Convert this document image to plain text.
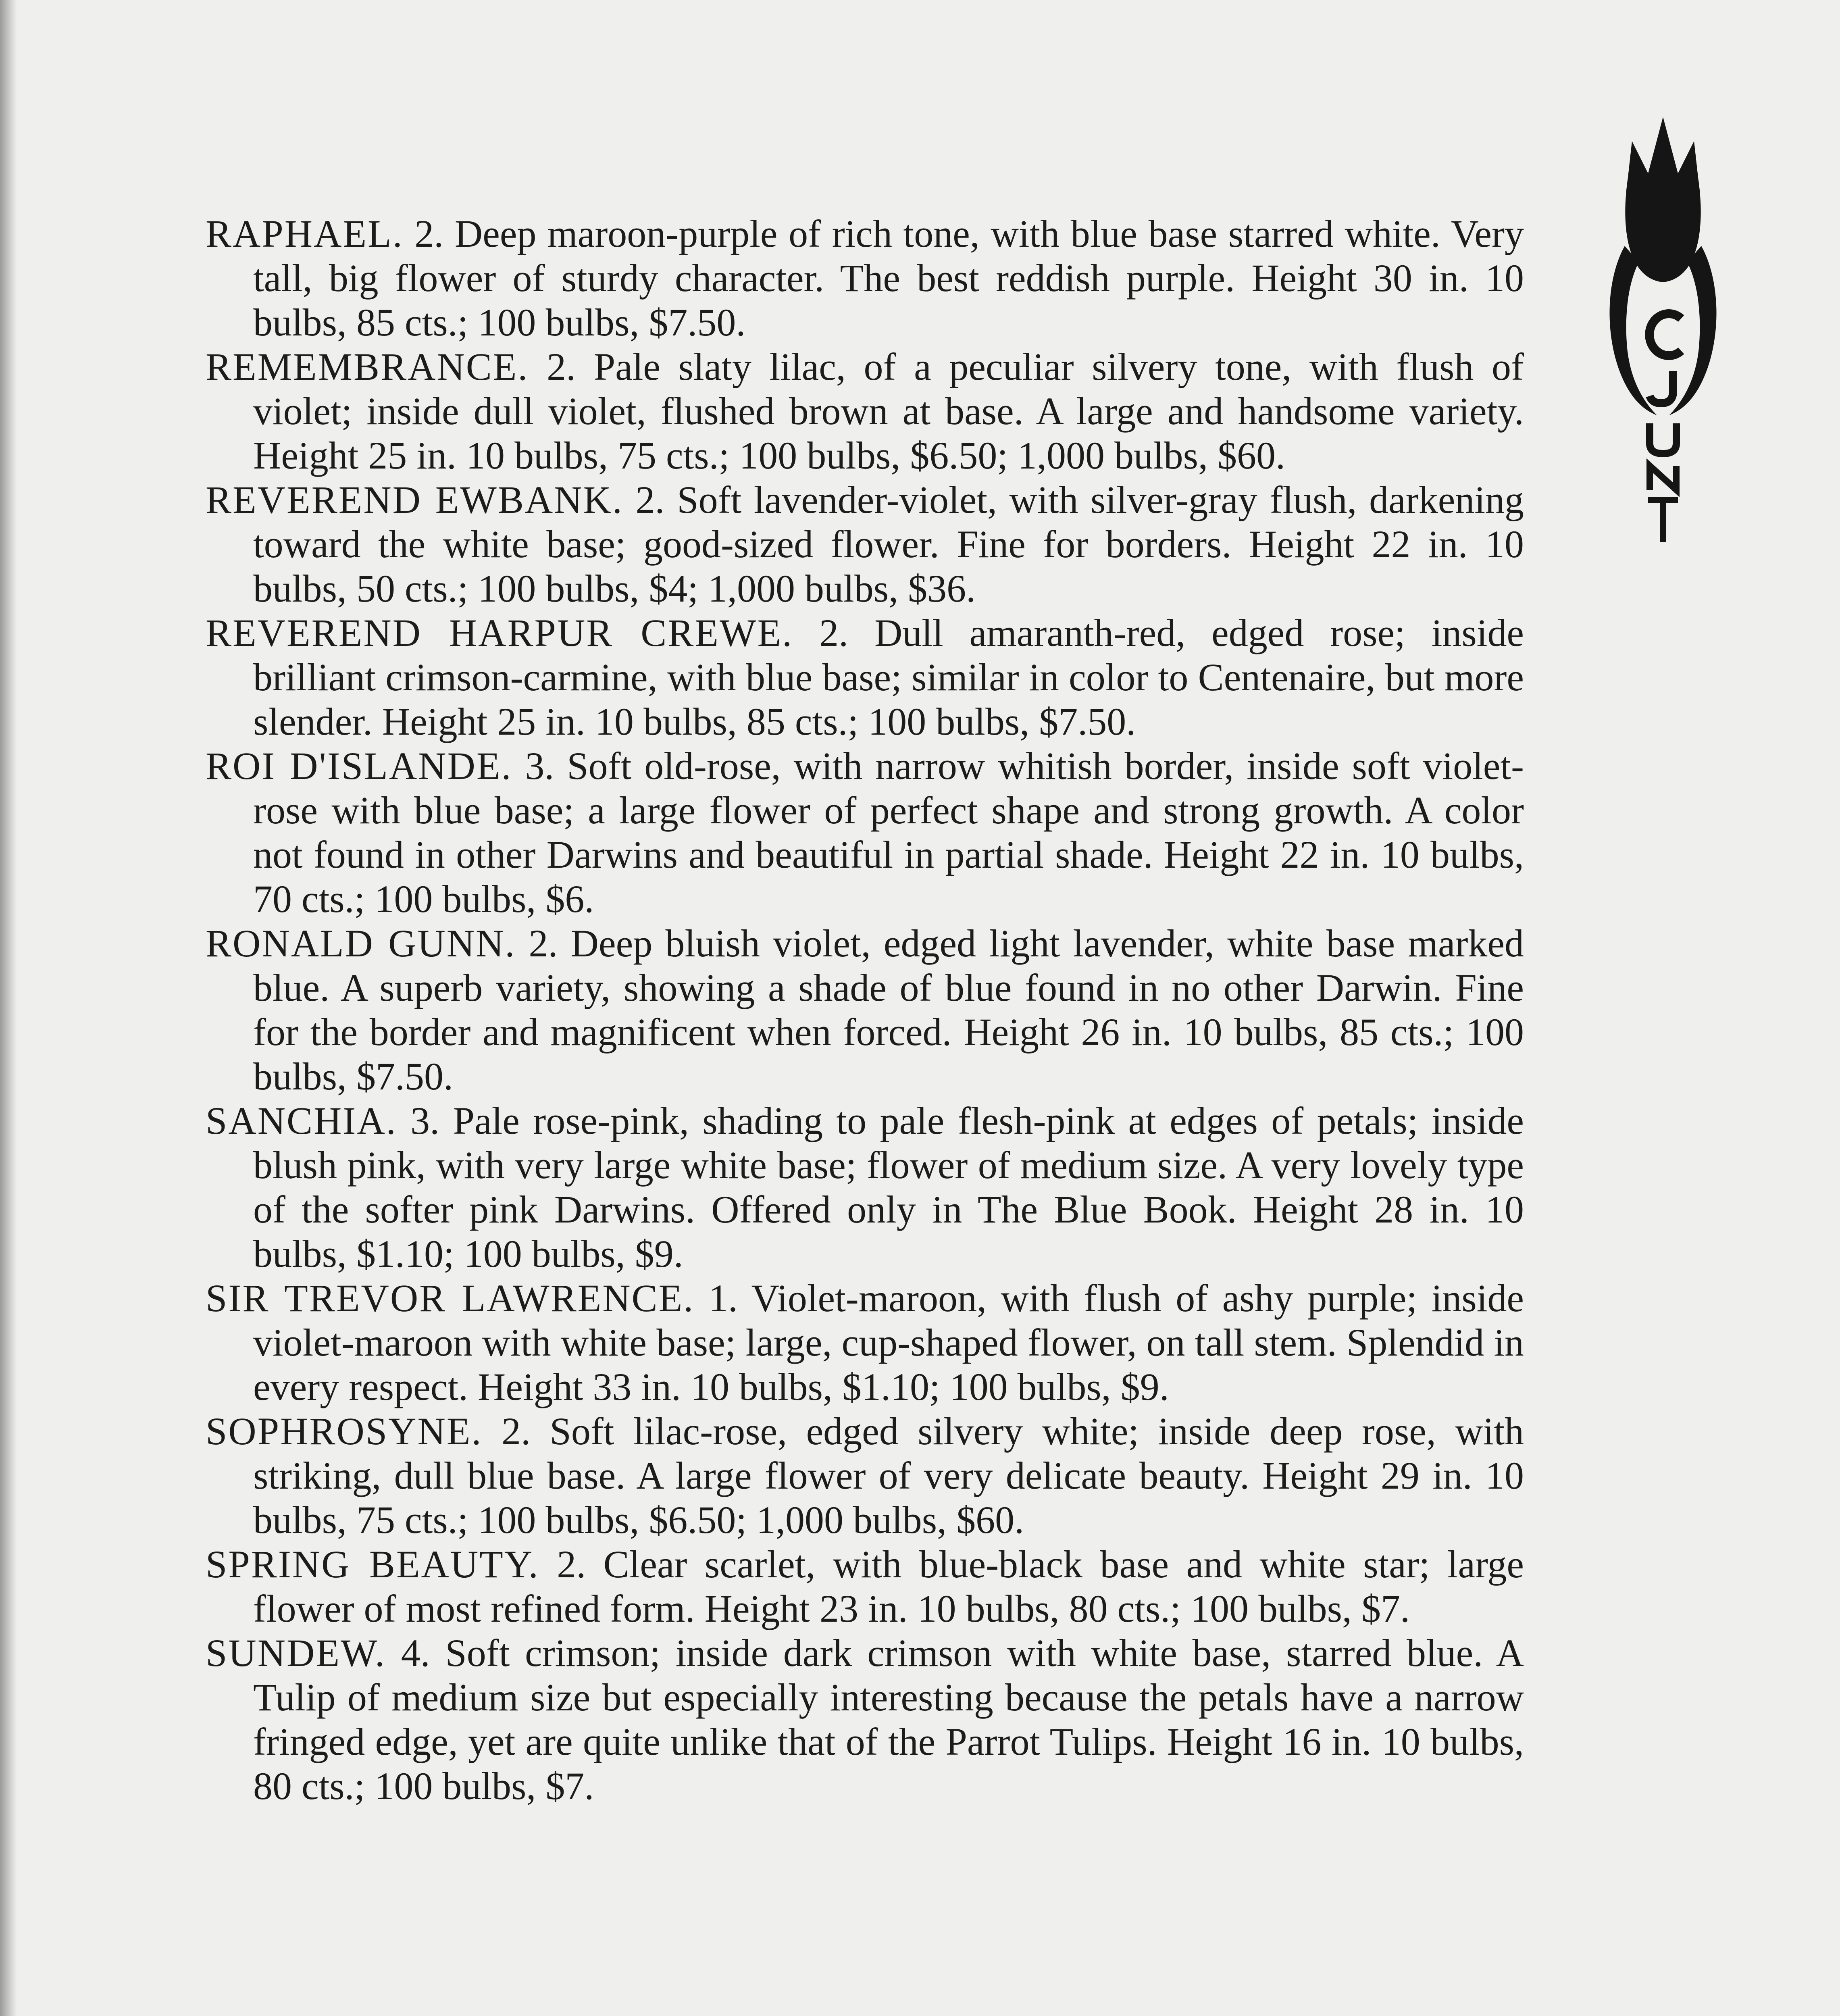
RAPHAEL. 2. Deep maroon-purple of rich tone, with blue base starred white. Very tall, big flower of sturdy character. The best reddish purple. Height 30 in. 10 bulbs, 85 cts.; 100 bulbs, $7.50.

REMEMBRANCE. 2. Pale slaty lilac, of a peculiar silvery tone, with flush of violet; inside dull violet, flushed brown at base. A large and handsome variety. Height 25 in. 10 bulbs, 75 cts.; 100 bulbs, $6.50; 1,000 bulbs, $60.

REVEREND EWBANK. 2. Soft lavender-violet, with silver-gray flush, darkening toward the white base; good-sized flower. Fine for borders. Height 22 in. 10 bulbs, 50 cts.; 100 bulbs, $4; 1,000 bulbs, $36.

REVEREND HARPUR CREWE. 2. Dull amaranth-red, edged rose; inside brilliant crimson-carmine, with blue base; similar in color to Centenaire, but more slender. Height 25 in. 10 bulbs, 85 cts.; 100 bulbs, $7.50.

ROI D'ISLANDE. 3. Soft old-rose, with narrow whitish border, inside soft violet-rose with blue base; a large flower of perfect shape and strong growth. A color not found in other Darwins and beautiful in partial shade. Height 22 in. 10 bulbs, 70 cts.; 100 bulbs, $6.

RONALD GUNN. 2. Deep bluish violet, edged light lavender, white base marked blue. A superb variety, showing a shade of blue found in no other Darwin. Fine for the border and magnificent when forced. Height 26 in. 10 bulbs, 85 cts.; 100 bulbs, $7.50.

SANCHIA. 3. Pale rose-pink, shading to pale flesh-pink at edges of petals; inside blush pink, with very large white base; flower of medium size. A very lovely type of the softer pink Darwins. Offered only in The Blue Book. Height 28 in. 10 bulbs, $1.10; 100 bulbs, $9.

SIR TREVOR LAWRENCE. 1. Violet-maroon, with flush of ashy purple; inside violet-maroon with white base; large, cup-shaped flower, on tall stem. Splendid in every respect. Height 33 in. 10 bulbs, $1.10; 100 bulbs, $9.

SOPHROSYNE. 2. Soft lilac-rose, edged silvery white; inside deep rose, with striking, dull blue base. A large flower of very delicate beauty. Height 29 in. 10 bulbs, 75 cts.; 100 bulbs, $6.50; 1,000 bulbs, $60.

SPRING BEAUTY. 2. Clear scarlet, with blue-black base and white star; large flower of most refined form. Height 23 in. 10 bulbs, 80 cts.; 100 bulbs, $7.

SUNDEW. 4. Soft crimson; inside dark crimson with white base, starred blue. A Tulip of medium size but especially interesting because the petals have a narrow fringed edge, yet are quite unlike that of the Parrot Tulips. Height 16 in. 10 bulbs, 80 cts.; 100 bulbs, $7.
